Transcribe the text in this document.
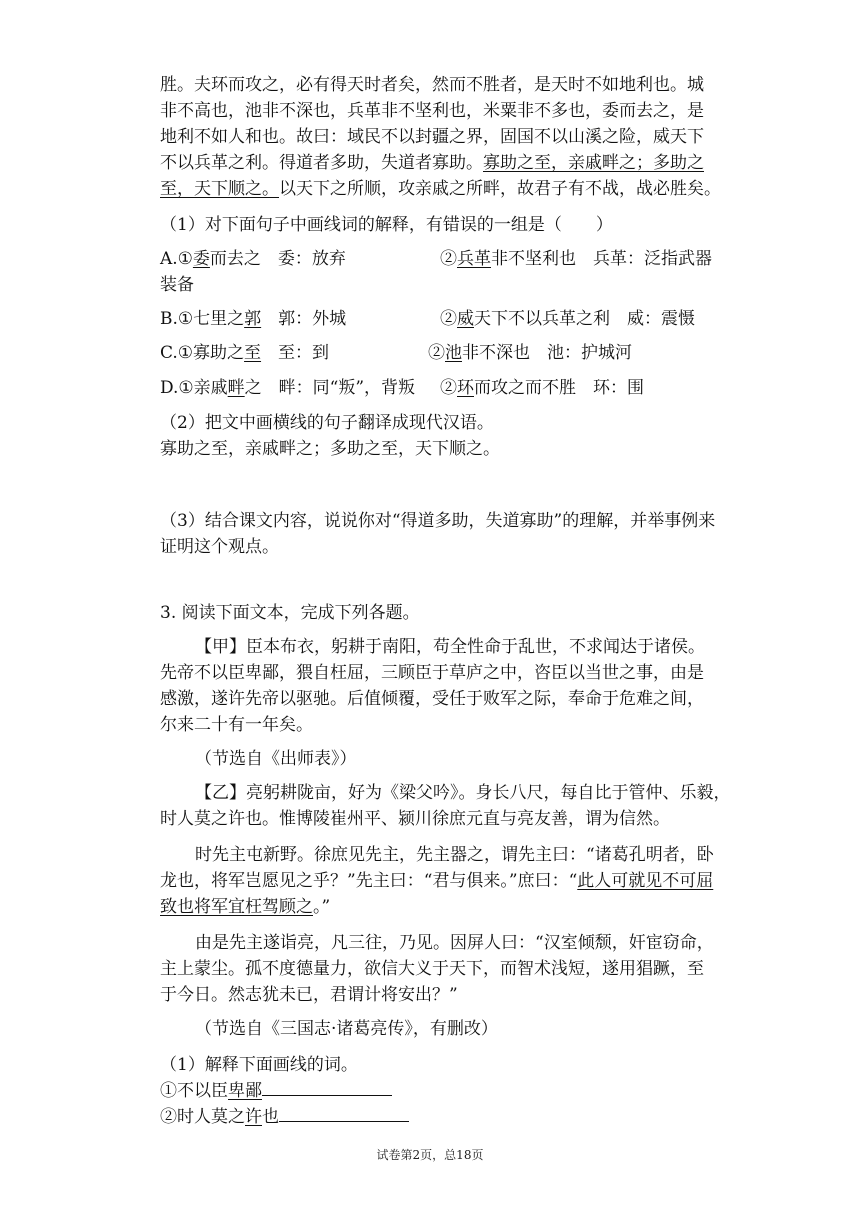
胜。夫环而攻之，必有得天时者矣，然而不胜者，是天时不如地利也。城
非不高也，池非不深也，兵革非不坚利也，米粟非不多也，委而去之，是
地利不如人和也。故曰：域民不以封疆之界，固国不以山溪之险，威天下
不以兵革之利。得道者多助，失道者寡助。寡助之至，亲戚畔之；多助之
至，天下顺之。以天下之所顺，攻亲戚之所畔，故君子有不战，战必胜矣。
（1）对下面句子中画线词的解释，有错误的一组是（　　）
A.①委而去之　委：放弃	②兵革非不坚利也　兵革：泛指武器
装备
B.①七里之郭　郭：外城	②威天下不以兵革之利　威：震慑
C.①寡助之至　至：到	②池非不深也　池：护城河
D.①亲戚畔之　畔：同“叛”，背叛 ②环而攻之而不胜　环：围
（2）把文中画横线的句子翻译成现代汉语。
寡助之至，亲戚畔之；多助之至，天下顺之。
（3）结合课文内容，说说你对“得道多助，失道寡助”的理解，并举事例来
证明这个观点。
3. 阅读下面文本，完成下列各题。
【甲】臣本布衣，躬耕于南阳，苟全性命于乱世，不求闻达于诸侯。
先帝不以臣卑鄙，猥自枉屈，三顾臣于草庐之中，咨臣以当世之事，由是
感激，遂许先帝以驱驰。后值倾覆，受任于败军之际，奉命于危难之间，
尔来二十有一年矣。
（节选自《出师表》）
【乙】亮躬耕陇亩，好为《梁父吟》。身长八尺，每自比于管仲、乐毅，
时人莫之许也。惟博陵崔州平、颍川徐庶元直与亮友善，谓为信然。
时先主屯新野。徐庶见先主，先主器之，谓先主曰：“诸葛孔明者，卧
龙也，将军岂愿见之乎？”先主曰：“君与俱来。”庶曰：“此人可就见不可屈
致也将军宜枉驾顾之。”
由是先主遂诣亮，凡三往，乃见。因屏人曰：“汉室倾颓，奸宦窃命，
主上蒙尘。孤不度德量力，欲信大义于天下，而智术浅短，遂用猖蹶，至
于今日。然志犹未已，君谓计将安出？”
（节选自《三国志·诸葛亮传》，有删改）
（1）解释下面画线的词。
①不以臣卑鄙
②时人莫之许也
试卷第2页，总18页
